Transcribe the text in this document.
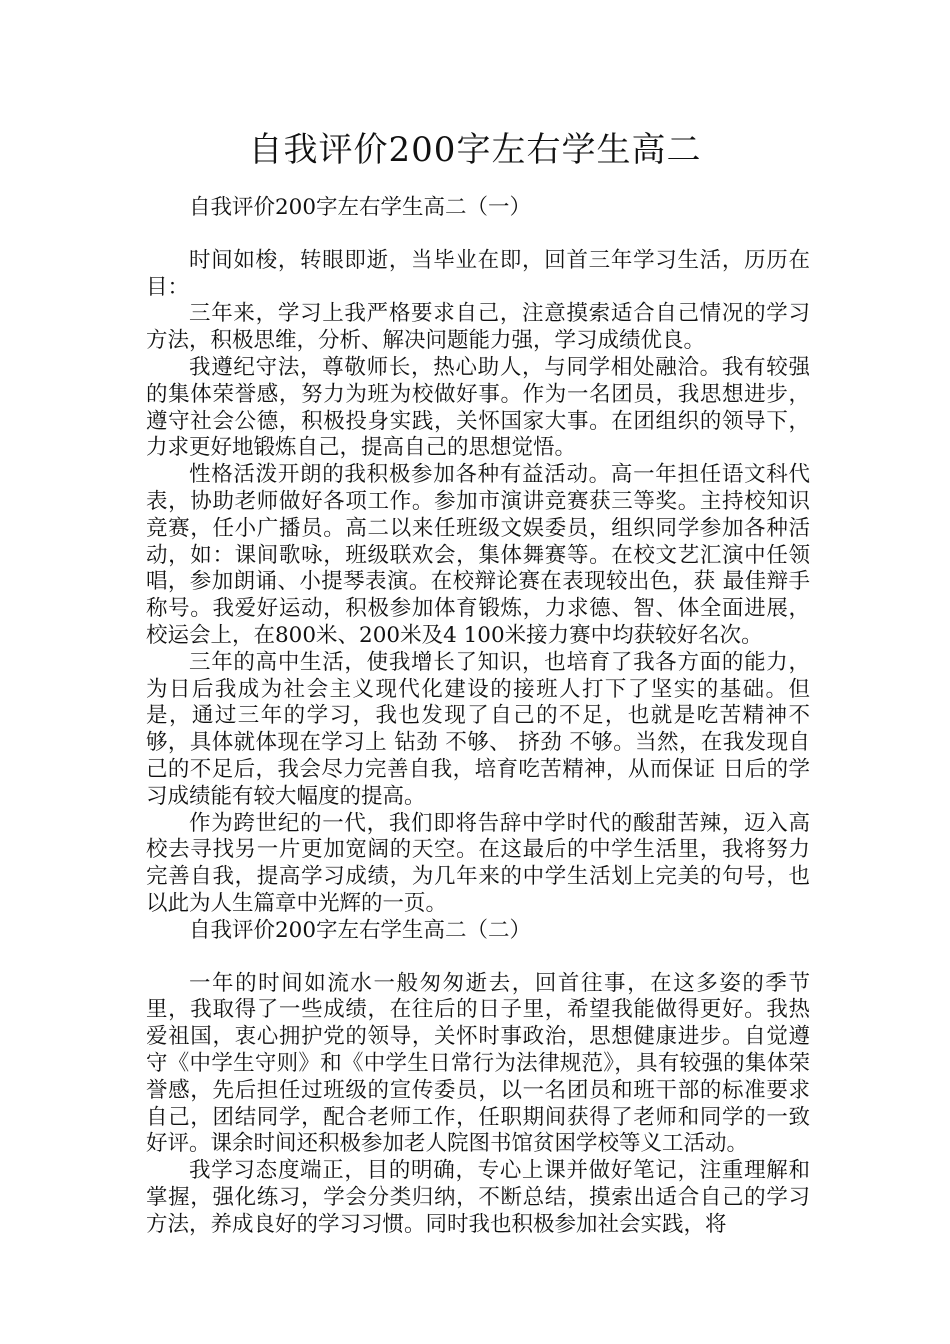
自我评价200字左右学生高二

自我评价200字左右学生高二（一）

时间如梭，转眼即逝，当毕业在即，回首三年学习生活，历历在目：

三年来，学习上我严格要求自己，注意摸索适合自己情况的学习方法，积极思维，分析、解决问题能力强，学习成绩优良。

我遵纪守法，尊敬师长，热心助人，与同学相处融洽。我有较强的集体荣誉感，努力为班为校做好事。作为一名团员，我思想进步，遵守社会公德，积极投身实践，关怀国家大事。在团组织的领导下，力求更好地锻炼自己，提高自己的思想觉悟。

性格活泼开朗的我积极参加各种有益活动。高一年担任语文科代表，协助老师做好各项工作。参加市演讲竞赛获三等奖。主持校知识竞赛，任小广播员。高二以来任班级文娱委员，组织同学参加各种活动，如：课间歌咏，班级联欢会，集体舞赛等。在校文艺汇演中任领唱，参加朗诵、小提琴表演。在校辩论赛在表现较出色，获 最佳辩手 称号。我爱好运动，积极参加体育锻炼，力求德、智、体全面进展，校运会上，在800米、200米及4 100米接力赛中均获较好名次。

三年的高中生活，使我增长了知识，也培育了我各方面的能力，为日后我成为社会主义现代化建设的接班人打下了坚实的基础。但是，通过三年的学习，我也发现了自己的不足，也就是吃苦精神不够，具体就体现在学习上 钻劲 不够、 挤劲 不够。当然，在我发现自己的不足后，我会尽力完善自我，培育吃苦精神，从而保证 日后的学习成绩能有较大幅度的提高。

作为跨世纪的一代，我们即将告辞中学时代的酸甜苦辣，迈入高校去寻找另一片更加宽阔的天空。在这最后的中学生活里，我将努力完善自我，提高学习成绩，为几年来的中学生活划上完美的句号，也以此为人生篇章中光辉的一页。

自我评价200字左右学生高二（二）

一年的时间如流水一般匆匆逝去，回首往事，在这多姿的季节里，我取得了一些成绩，在往后的日子里，希望我能做得更好。我热爱祖国，衷心拥护党的领导，关怀时事政治，思想健康进步。自觉遵守《中学生守则》和《中学生日常行为法律规范》，具有较强的集体荣誉感，先后担任过班级的宣传委员，以一名团员和班干部的标准要求自己，团结同学，配合老师工作，任职期间获得了老师和同学的一致好评。课余时间还积极参加老人院图书馆贫困学校等义工活动。

我学习态度端正，目的明确，专心上课并做好笔记，注重理解和掌握，强化练习，学会分类归纳，不断总结，摸索出适合自己的学习方法，养成良好的学习习惯。同时我也积极参加社会实践，将
